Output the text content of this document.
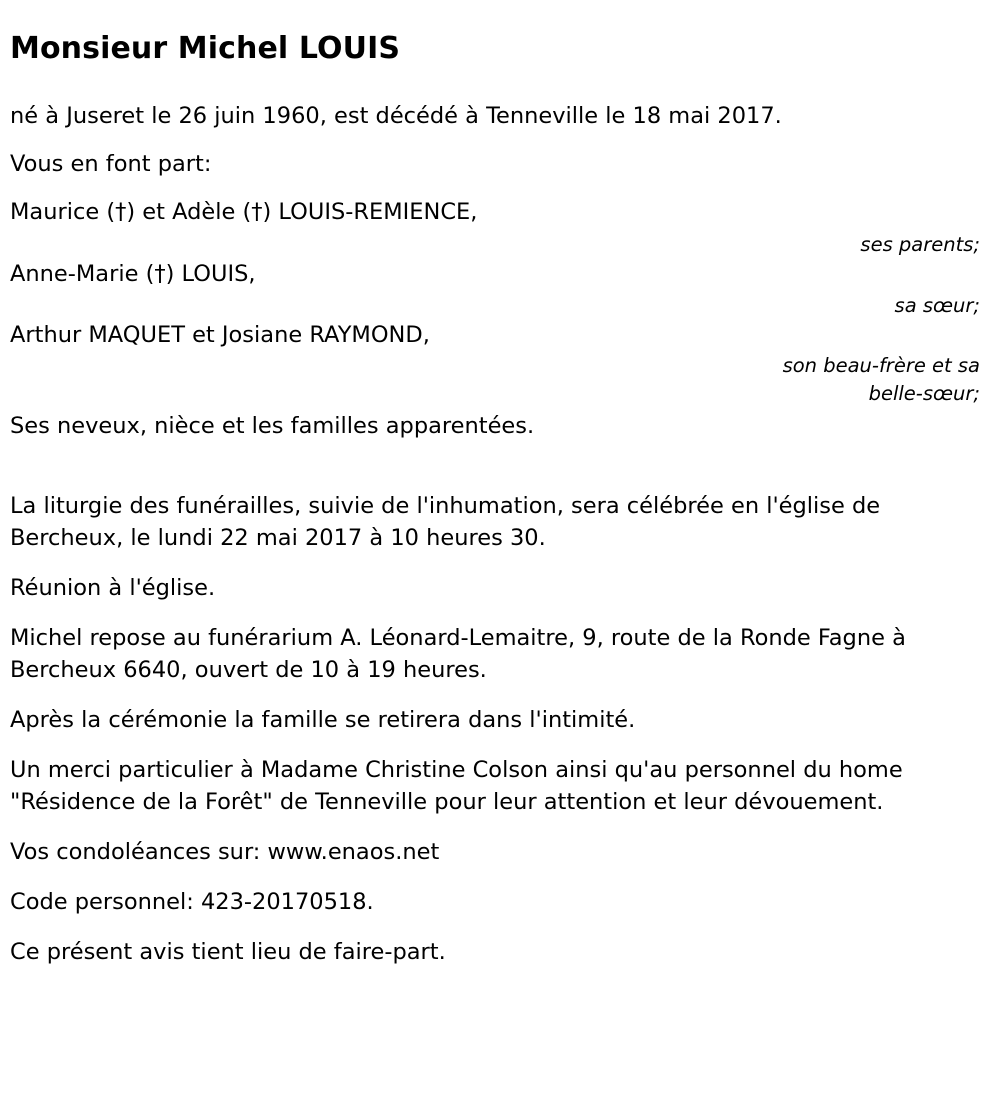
Monsieur Michel LOUIS

né à Juseret le 26 juin 1960, est décédé à Tenneville le 18 mai 2017.

Vous en font part:

Maurice (†) et Adèle (†) LOUIS-REMIENCE,
ses parents;
Anne-Marie (†) LOUIS,
sa sœur;
Arthur MAQUET et Josiane RAYMOND,
son beau-frère et sa
belle-sœur;

Ses neveux, nièce et les familles apparentées.

La liturgie des funérailles, suivie de l'inhumation, sera célébrée en l'église de Bercheux, le lundi 22 mai 2017 à 10 heures 30.

Réunion à l'église.

Michel repose au funérarium A. Léonard-Lemaitre, 9, route de la Ronde Fagne à Bercheux 6640, ouvert de 10 à 19 heures.

Après la cérémonie la famille se retirera dans l'intimité.

Un merci particulier à Madame Christine Colson ainsi qu'au personnel du home "Résidence de la Forêt" de Tenneville pour leur attention et leur dévouement.

Vos condoléances sur: www.enaos.net

Code personnel: 423-20170518.

Ce présent avis tient lieu de faire-part.
